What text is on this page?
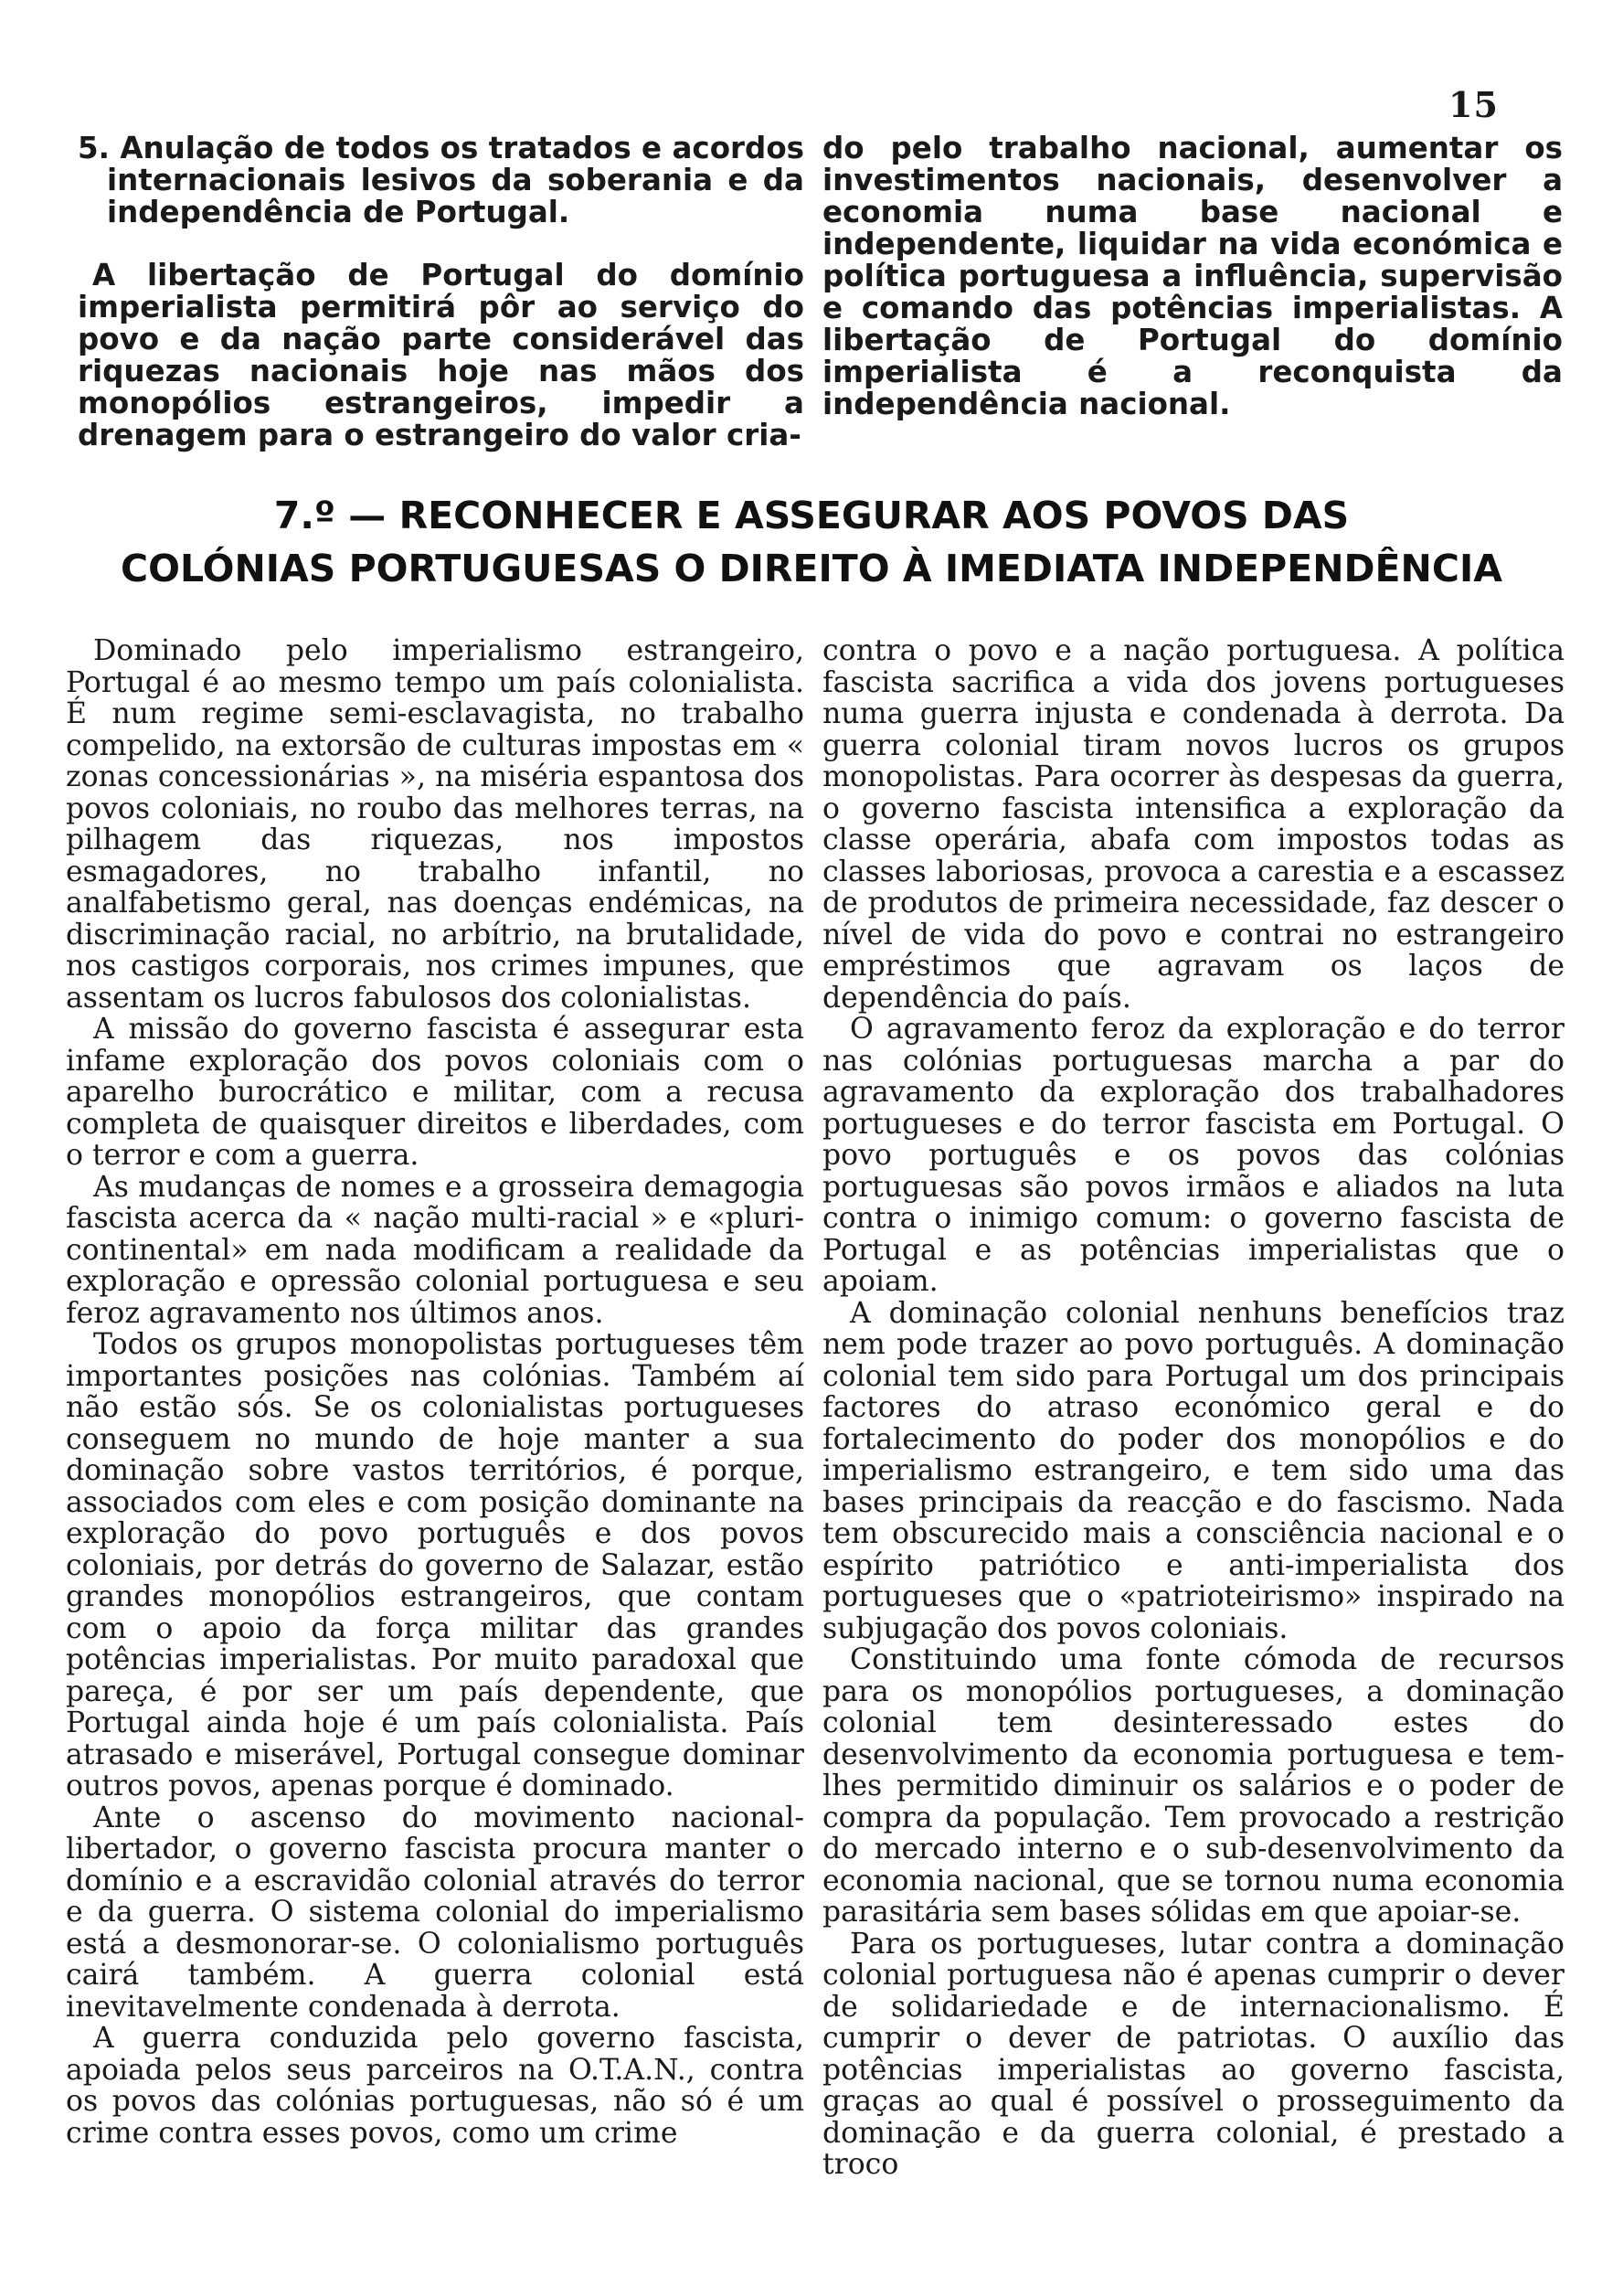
15

5. Anulação de todos os tratados e acordos internacionais lesivos da soberania e da independência de Portugal.

A libertação de Portugal do domínio imperialista permitirá pôr ao serviço do povo e da nação parte considerável das riquezas nacionais hoje nas mãos dos monopólios estrangeiros, impedir a drenagem para o estrangeiro do valor cria-

do pelo trabalho nacional, aumentar os investimentos nacionais, desenvolver a economia numa base nacional e independente, liquidar na vida económica e política portuguesa a influência, supervisão e comando das potências imperialistas. A libertação de Portugal do domínio imperialista é a reconquista da independência nacional.

7.º — RECONHECER E ASSEGURAR AOS POVOS DAS
COLÓNIAS PORTUGUESAS O DIREITO À IMEDIATA INDEPENDÊNCIA

Dominado pelo imperialismo estrangeiro, Portugal é ao mesmo tempo um país colonialista. É num regime semi-esclavagista, no trabalho compelido, na extorsão de culturas impostas em « zonas concessionárias », na miséria espantosa dos povos coloniais, no roubo das melhores terras, na pilhagem das riquezas, nos impostos esmagadores, no trabalho infantil, no analfabetismo geral, nas doenças endémicas, na discriminação racial, no arbítrio, na brutalidade, nos castigos corporais, nos crimes impunes, que assentam os lucros fabulosos dos colonialistas.

A missão do governo fascista é assegurar esta infame exploração dos povos coloniais com o aparelho burocrático e militar, com a recusa completa de quaisquer direitos e liberdades, com o terror e com a guerra.

As mudanças de nomes e a grosseira demagogia fascista acerca da « nação multi-racial » e «pluri-continental» em nada modificam a realidade da exploração e opressão colonial portuguesa e seu feroz agravamento nos últimos anos.

Todos os grupos monopolistas portugueses têm importantes posições nas colónias. Também aí não estão sós. Se os colonialistas portugueses conseguem no mundo de hoje manter a sua dominação sobre vastos territórios, é porque, associados com eles e com posição dominante na exploração do povo português e dos povos coloniais, por detrás do governo de Salazar, estão grandes monopólios estrangeiros, que contam com o apoio da força militar das grandes potências imperialistas. Por muito paradoxal que pareça, é por ser um país dependente, que Portugal ainda hoje é um país colonialista. País atrasado e miserável, Portugal consegue dominar outros povos, apenas porque é dominado.

Ante o ascenso do movimento nacional-libertador, o governo fascista procura manter o domínio e a escravidão colonial através do terror e da guerra. O sistema colonial do imperialismo está a desmonorar-se. O colonialismo português cairá também. A guerra colonial está inevitavelmente condenada à derrota.

A guerra conduzida pelo governo fascista, apoiada pelos seus parceiros na O.T.A.N., contra os povos das colónias portuguesas, não só é um crime contra esses povos, como um crime

contra o povo e a nação portuguesa. A política fascista sacrifica a vida dos jovens portugueses numa guerra injusta e condenada à derrota. Da guerra colonial tiram novos lucros os grupos monopolistas. Para ocorrer às despesas da guerra, o governo fascista intensifica a exploração da classe operária, abafa com impostos todas as classes laboriosas, provoca a carestia e a escassez de produtos de primeira necessidade, faz descer o nível de vida do povo e contrai no estrangeiro empréstimos que agravam os laços de dependência do país.

O agravamento feroz da exploração e do terror nas colónias portuguesas marcha a par do agravamento da exploração dos trabalhadores portugueses e do terror fascista em Portugal. O povo português e os povos das colónias portuguesas são povos irmãos e aliados na luta contra o inimigo comum: o governo fascista de Portugal e as potências imperialistas que o apoiam.

A dominação colonial nenhuns benefícios traz nem pode trazer ao povo português. A dominação colonial tem sido para Portugal um dos principais factores do atraso económico geral e do fortalecimento do poder dos monopólios e do imperialismo estrangeiro, e tem sido uma das bases principais da reacção e do fascismo. Nada tem obscurecido mais a consciência nacional e o espírito patriótico e anti-imperialista dos portugueses que o «patrioteirismo» inspirado na subjugação dos povos coloniais.

Constituindo uma fonte cómoda de recursos para os monopólios portugueses, a dominação colonial tem desinteressado estes do desenvolvimento da economia portuguesa e tem-lhes permitido diminuir os salários e o poder de compra da população. Tem provocado a restrição do mercado interno e o sub-desenvolvimento da economia nacional, que se tornou numa economia parasitária sem bases sólidas em que apoiar-se.

Para os portugueses, lutar contra a dominação colonial portuguesa não é apenas cumprir o dever de solidariedade e de internacionalismo. É cumprir o dever de patriotas. O auxílio das potências imperialistas ao governo fascista, graças ao qual é possível o prosseguimento da dominação e da guerra colonial, é prestado a troco
